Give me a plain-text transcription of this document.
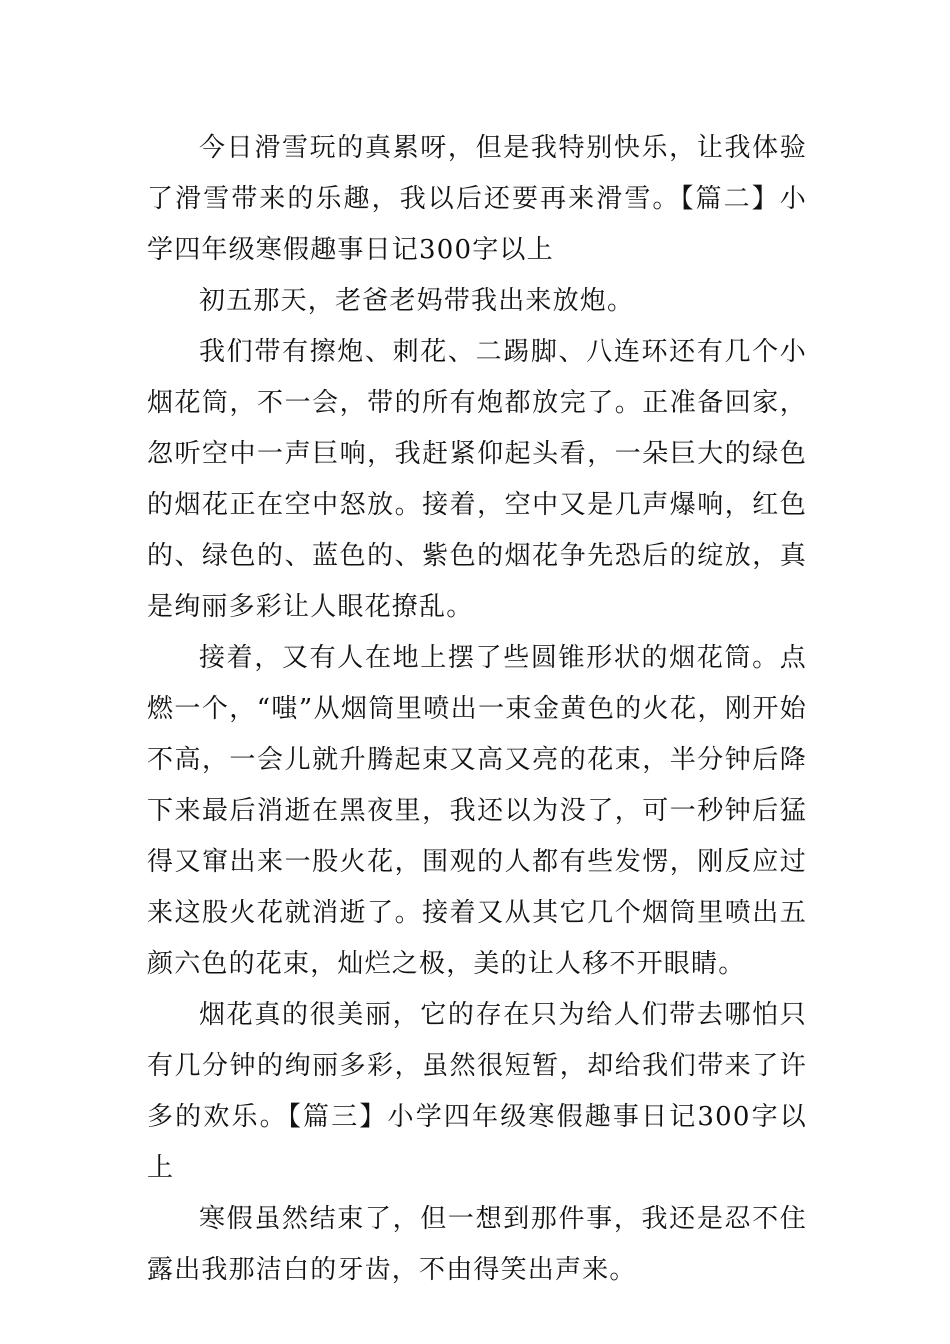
今日滑雪玩的真累呀，但是我特别快乐，让我体验了滑雪带来的乐趣，我以后还要再来滑雪。【篇二】小学四年级寒假趣事日记300字以上

初五那天，老爸老妈带我出来放炮。

我们带有擦炮、刺花、二踢脚、八连环还有几个小烟花筒，不一会，带的所有炮都放完了。正准备回家，忽听空中一声巨响，我赶紧仰起头看，一朵巨大的绿色的烟花正在空中怒放。接着，空中又是几声爆响，红色的、绿色的、蓝色的、紫色的烟花争先恐后的绽放，真是绚丽多彩让人眼花撩乱。

接着，又有人在地上摆了些圆锥形状的烟花筒。点燃一个，“嗤”从烟筒里喷出一束金黄色的火花，刚开始不高，一会儿就升腾起束又高又亮的花束，半分钟后降下来最后消逝在黑夜里，我还以为没了，可一秒钟后猛得又窜出来一股火花，围观的人都有些发愣，刚反应过来这股火花就消逝了。接着又从其它几个烟筒里喷出五颜六色的花束，灿烂之极，美的让人移不开眼睛。

烟花真的很美丽，它的存在只为给人们带去哪怕只有几分钟的绚丽多彩，虽然很短暂，却给我们带来了许多的欢乐。【篇三】小学四年级寒假趣事日记300字以上

寒假虽然结束了，但一想到那件事，我还是忍不住露出我那洁白的牙齿，不由得笑出声来。
